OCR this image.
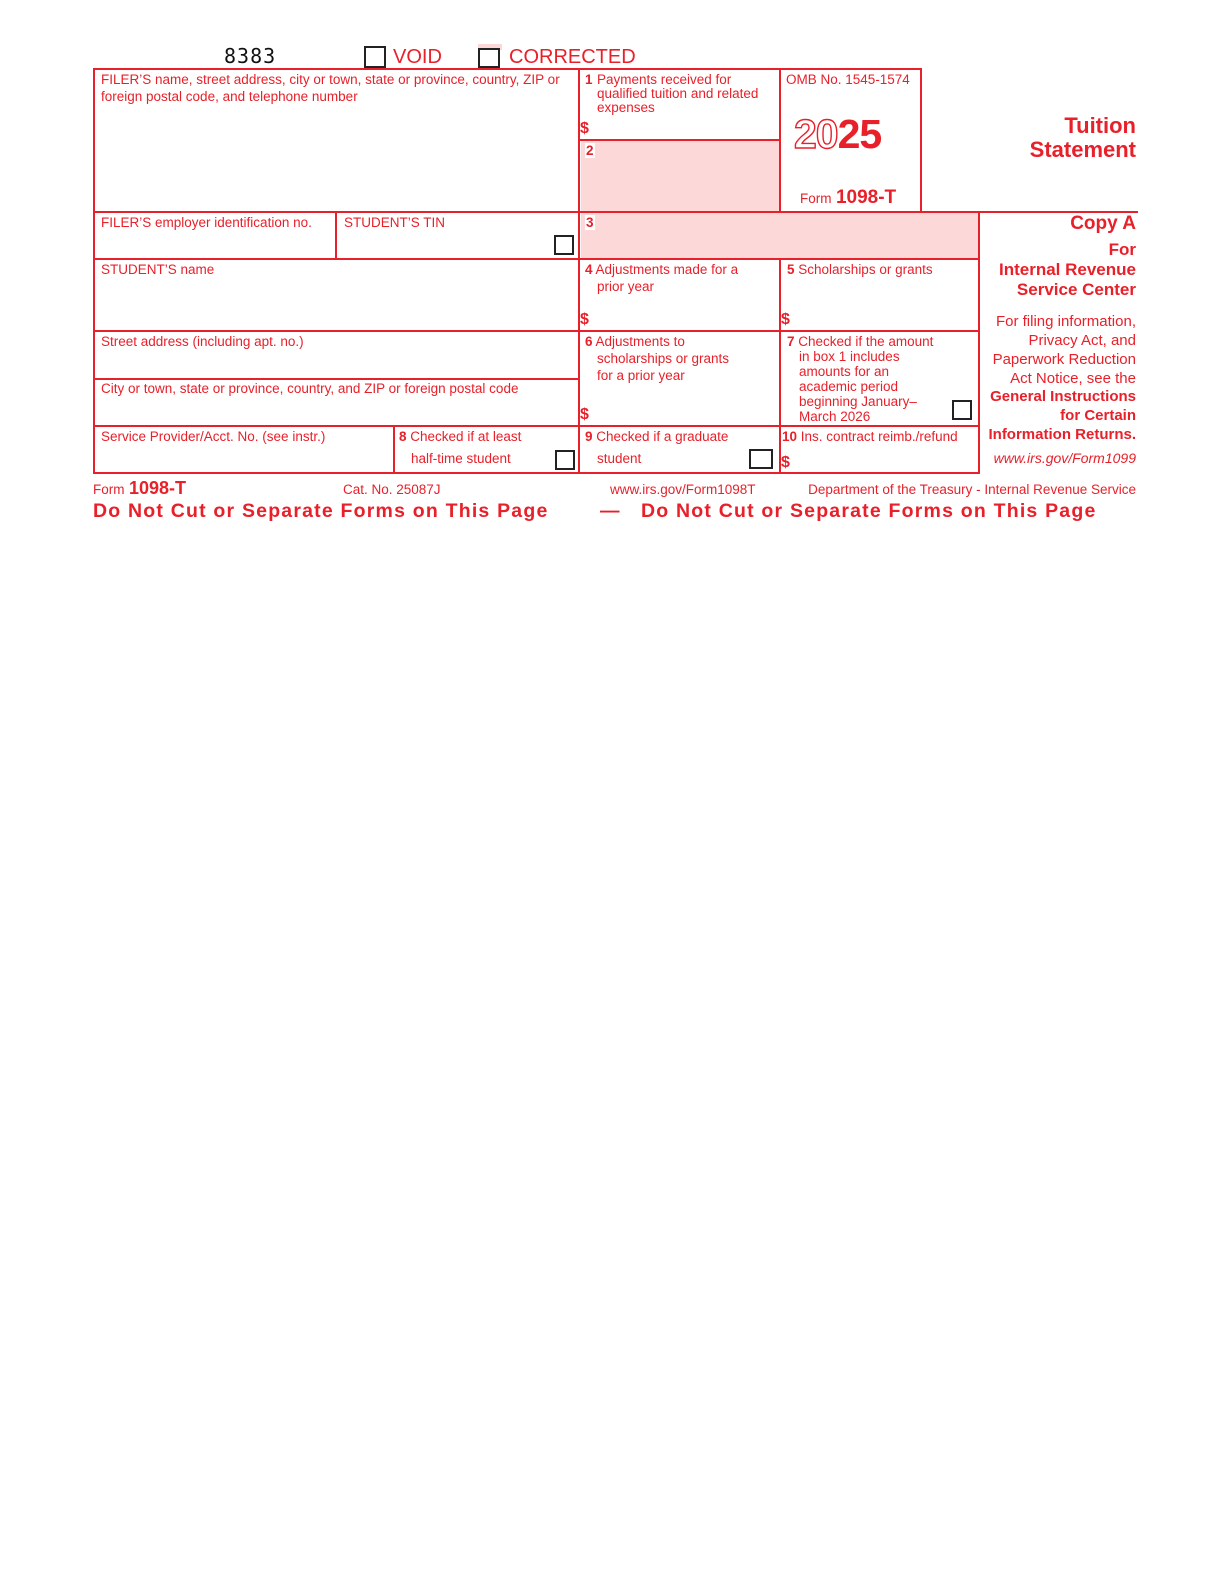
8383	VOID	CORRECTED
FILER’S name, street address, city or town, state or province, country, ZIP or
foreign postal code, and telephone number
1 Payments received for
qualified tuition and related
expenses
$
2
OMB No. 1545-1574
2025
Form 1098-T
Tuition
Statement
FILER’S employer identification no. STUDENT’S TIN	3	Copy A
For
Internal Revenue
Service Center
For filing information,
Privacy Act, and
Paperwork Reduction
Act Notice, see the
General Instructions
for Certain
Information Returns.
www.irs.gov/Form1099
STUDENT’S name	4 Adjustments made for a
prior year
$
5 Scholarships or grants
$
Street address (including apt. no.)
City or town, state or province, country, and ZIP or foreign postal code
6 Adjustments to
scholarships or grants
for a prior year
$
7 Checked if the amount
in box 1 includes
amounts for an
academic period
beginning January–
March 2026
Service Provider/Acct. No. (see instr.)	8 Checked if at least
half-time student
9 Checked if a graduate
student
10 Ins. contract reimb./refund
$
Form 1098-T	Cat. No. 25087J	www.irs.gov/Form1098T	Department of the Treasury - Internal Revenue Service
Do Not Cut or Separate Forms on This Page	— Do Not Cut or Separate Forms on This Page
